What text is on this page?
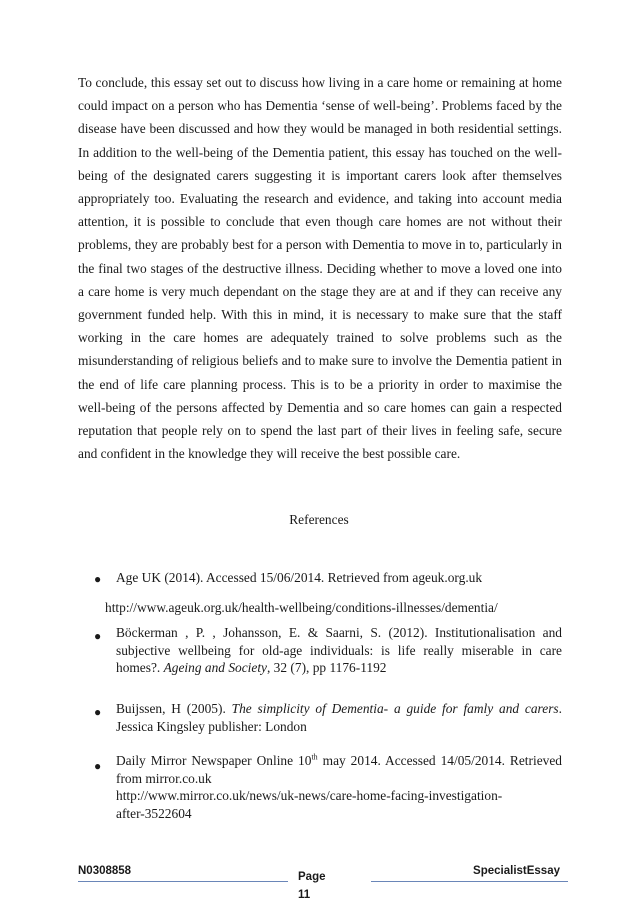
To conclude, this essay set out to discuss how living in a care home or remaining at home could impact on a person who has Dementia ‘sense of well-being’. Problems faced by the disease have been discussed and how they would be managed in both residential settings. In addition to the well-being of the Dementia patient, this essay has touched on the well-being of the designated carers suggesting it is important carers look after themselves appropriately too. Evaluating the research and evidence, and taking into account media attention, it is possible to conclude that even though care homes are not without their problems, they are probably best for a person with Dementia to move in to, particularly in the final two stages of the destructive illness. Deciding whether to move a loved one into a care home is very much dependant on the stage they are at and if they can receive any government funded help. With this in mind, it is necessary to make sure that the staff working in the care homes are adequately trained to solve problems such as the misunderstanding of religious beliefs and to make sure to involve the Dementia patient in the end of life care planning process. This is to be a priority in order to maximise the well-being of the persons affected by Dementia and so care homes can gain a respected reputation that people rely on to spend the last part of their lives in feeling safe, secure and confident in the knowledge they will receive the best possible care.

References

● Age UK (2014). Accessed 15/06/2014. Retrieved from ageuk.org.uk

http://www.ageuk.org.uk/health-wellbeing/conditions-illnesses/dementia/

● Böckerman , P. , Johansson, E. & Saarni, S. (2012). Institutionalisation and subjective wellbeing for old-age individuals: is life really miserable in care homes?. Ageing and Society, 32 (7), pp 1176-1192

● Buijssen, H (2005). The simplicity of Dementia- a guide for famly and carers. Jessica Kingsley publisher: London

● Daily Mirror Newspaper Online 10th may 2014. Accessed 14/05/2014. Retrieved from mirror.co.uk
http://www.mirror.co.uk/news/uk-news/care-home-facing-investigation-
after-3522604

N0308858	Page
11
SpecialistEssay
